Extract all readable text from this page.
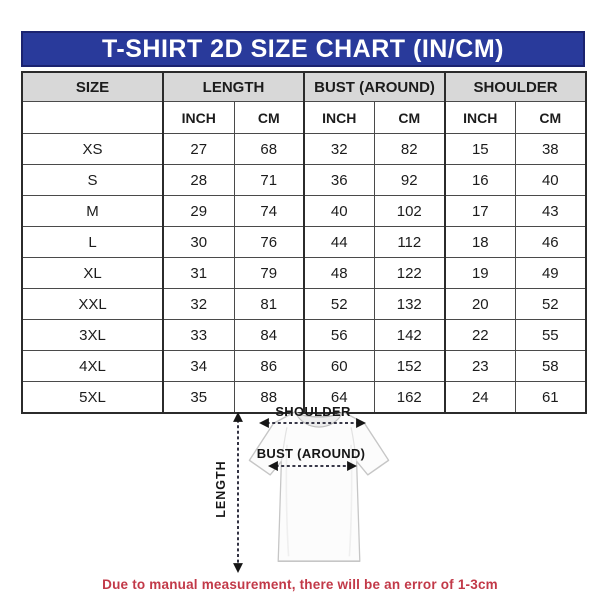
T-SHIRT 2D SIZE CHART (IN/CM)
SIZE	LENGTH		BUST (AROUND)		SHOULDER	
	INCH	CM	INCH	CM	INCH	CM
XS	27	68	32	82	15	38
S	28	71	36	92	16	40
M	29	74	40	102	17	43
L	30	76	44	112	18	46
XL	31	79	48	122	19	49
XXL	32	81	52	132	20	52
3XL	33	84	56	142	22	55
4XL	34	86	60	152	23	58
5XL	35	88	64	162	24	61
SHOULDER
BUST (AROUND)
LENGTH
Due to manual measurement, there will be an error of 1-3cm
